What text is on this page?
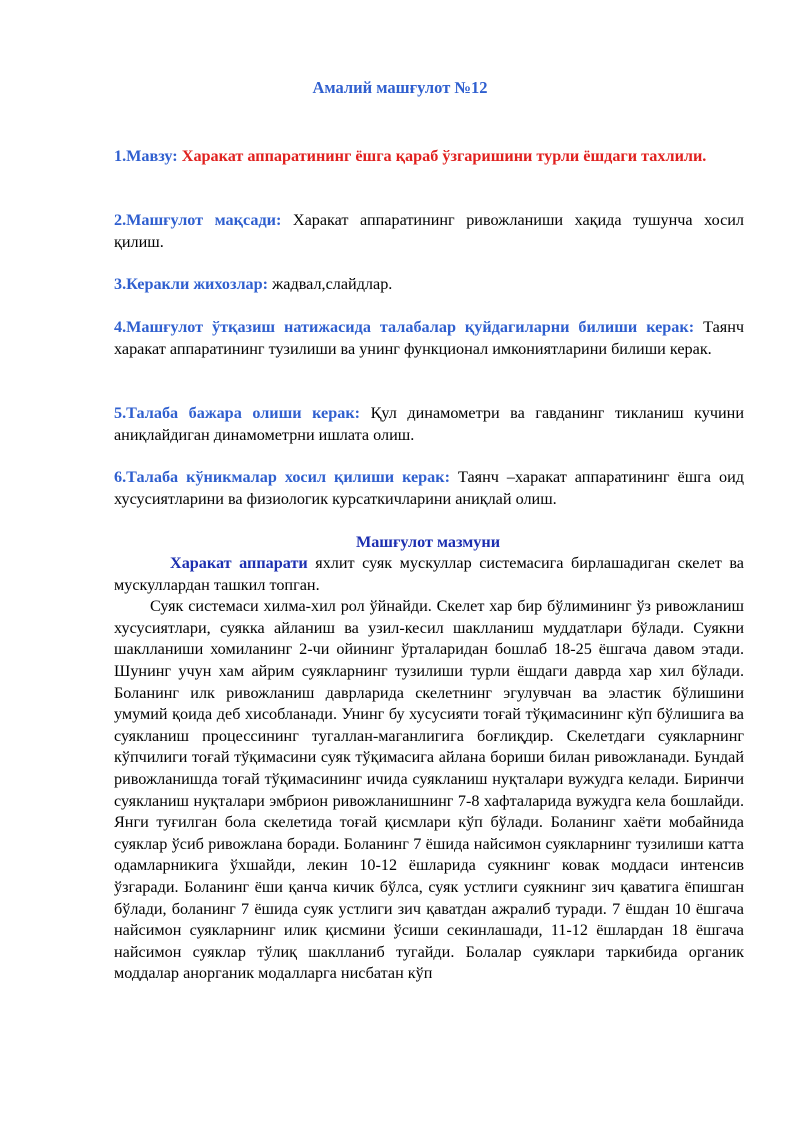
Амалий машғулот №12
1.Мавзу: Харакат аппаратининг ёшга қараб ўзгаришини турли ёшдаги тахлили.
2.Машғулот мақсади: Харакат аппаратининг ривожланиши хақида тушунча хосил қилиш.
3.Керакли жихозлар: жадвал,слайдлар.
4.Машғулот ўтқазиш натижасида талабалар қуйдагиларни билиши керак: Таянч харакат аппаратининг тузилиши ва унинг функционал имкониятларини билиши керак.
5.Талаба бажара олиши керак: Қул динамометри ва гавданинг тикланиш кучини аниқлайдиган динамометрни ишлата олиш.
6.Талаба кўникмалар хосил қилиши керак: Таянч –харакат аппаратининг ёшга оид хусусиятларини ва физиологик курсаткичларини аниқлай олиш.
Машғулот мазмуни

Харакат аппарати яхлит суяк мускуллар системасига бирлашадиган скелет ва мускуллардан ташкил топган.

Суяк системаси хилма-хил рол ўйнайди. Скелет хар бир бўлимининг ўз ривожланиш хусусиятлари, суякка айланиш ва узил-кесил шаклланиш муддатлари бўлади. Суякни шаклланиши хомиланинг 2-чи ойининг ўрталаридан бошлаб 18-25 ёшгача давом этади. Шунинг учун хам айрим суякларнинг тузилиши турли ёшдаги даврда хар хил бўлади. Боланинг илк ривожланиш даврларида скелетнинг эгулувчан ва эластик бўлишини умумий қоида деб хисобланади. Унинг бу хусусияти тоғай тўқимасининг кўп бўлишига ва суякланиш процессининг тугаллан-маганлигига боғлиқдир. Скелетдаги суякларнинг кўпчилиги тоғай тўқимасини суяк тўқимасига айлана бориши билан ривожланади. Бундай ривожланишда тоғай тўқимасининг ичида суякланиш нуқталари вужудга келади. Биринчи суякланиш нуқталари эмбрион ривожланишнинг 7-8 хафталарида вужудга кела бошлайди. Янги туғилган бола скелетида тоғай қисмлари кўп бўлади. Боланинг хаёти мобайнида суяклар ўсиб ривожлана боради. Боланинг 7 ёшида найсимон суякларнинг тузилиши катта одамларникига ўхшайди, лекин 10-12 ёшларида суякнинг ковак моддаси интенсив ўзгаради. Боланинг ёши қанча кичик бўлса, суяк устлиги суякнинг зич қаватига ёпишган бўлади, боланинг 7 ёшида суяк устлиги зич қаватдан ажралиб туради. 7 ёшдан 10 ёшгача найсимон суякларнинг илик қисмини ўсиши секинлашади, 11-12 ёшлардан 18 ёшгача найсимон суяклар тўлиқ шаклланиб тугайди. Болалар суяклари таркибида органик моддалар анорганик модалларга нисбатан кўп
